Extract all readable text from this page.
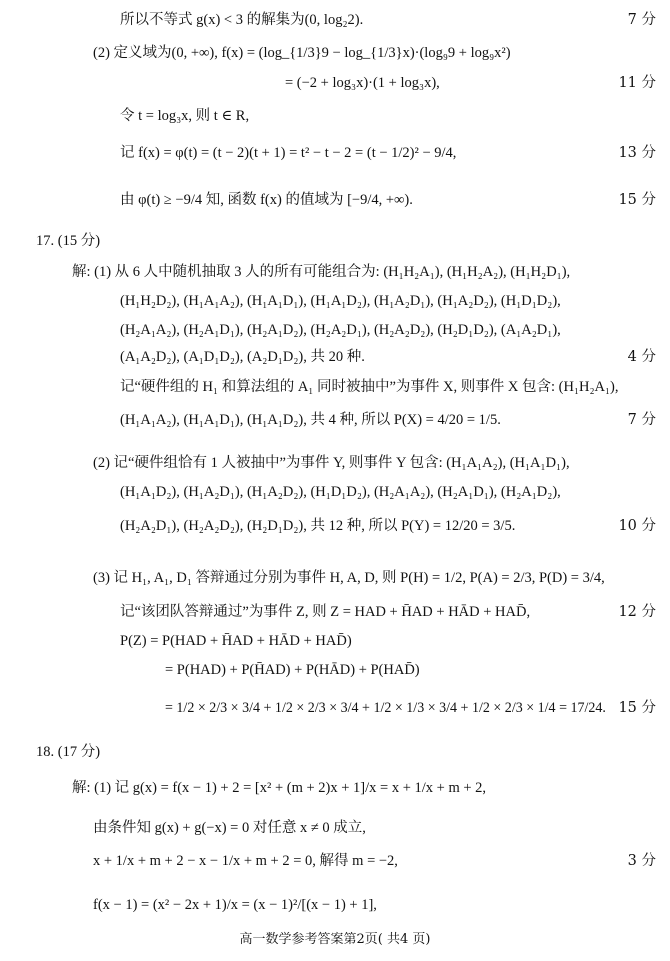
所以不等式 g(x) < 3 的解集为(0, log₂2).	7 分
(2) 定义域为(0, +∞), f(x) = (log_{1/3}9 − log_{1/3}x)·(log₉9 + log₉x²)
= (−2 + log₃x)·(1 + log₃x),	11 分
令 t = log₃x, 则 t ∈ R,
记 f(x) = φ(t) = (t − 2)(t + 1) = t² − t − 2 = (t − 1/2)² − 9/4,	13 分
由 φ(t) ≥ −9/4 知, 函数 f(x) 的值域为 [−9/4, +∞).	15 分
17. (15 分)
解: (1) 从 6 人中随机抽取 3 人的所有可能组合为: (H₁H₂A₁), (H₁H₂A₂), (H₁H₂D₁),
(H₁H₂D₂), (H₁A₁A₂), (H₁A₁D₁), (H₁A₁D₂), (H₁A₂D₁), (H₁A₂D₂), (H₁D₁D₂),
(H₂A₁A₂), (H₂A₁D₁), (H₂A₁D₂), (H₂A₂D₁), (H₂A₂D₂), (H₂D₁D₂), (A₁A₂D₁),
(A₁A₂D₂), (A₁D₁D₂), (A₂D₁D₂), 共 20 种.	4 分
记“硬件组的 H₁ 和算法组的 A₁ 同时被抽中”为事件 X, 则事件 X 包含: (H₁H₂A₁),
(H₁A₁A₂), (H₁A₁D₁), (H₁A₁D₂), 共 4 种, 所以 P(X) = 4/20 = 1/5.	7 分
(2) 记“硬件组恰有 1 人被抽中”为事件 Y, 则事件 Y 包含: (H₁A₁A₂), (H₁A₁D₁),
(H₁A₁D₂), (H₁A₂D₁), (H₁A₂D₂), (H₁D₁D₂), (H₂A₁A₂), (H₂A₁D₁), (H₂A₁D₂),
(H₂A₂D₁), (H₂A₂D₂), (H₂D₁D₂), 共 12 种, 所以 P(Y) = 12/20 = 3/5.	10 分
(3) 记 H₁, A₁, D₁ 答辩通过分别为事件 H, A, D, 则 P(H) = 1/2, P(A) = 2/3, P(D) = 3/4,
记“该团队答辩通过”为事件 Z, 则 Z = HAD + H̄AD + HĀD + HAD̄,	12 分
P(Z) = P(HAD + H̄AD + HĀD + HAD̄)
= P(HAD) + P(H̄AD) + P(HĀD) + P(HAD̄)
= 1/2 × 2/3 × 3/4 + 1/2 × 2/3 × 3/4 + 1/2 × 1/3 × 3/4 + 1/2 × 2/3 × 1/4 = 17/24. 15 分
18. (17 分)
解: (1) 记 g(x) = f(x − 1) + 2 = [x² + (m + 2)x + 1]/x = x + 1/x + m + 2,
由条件知 g(x) + g(−x) = 0 对任意 x ≠ 0 成立,
x + 1/x + m + 2 − x − 1/x + m + 2 = 0, 解得 m = −2,	3 分
f(x − 1) = (x² − 2x + 1)/x = (x − 1)²/[(x − 1) + 1],
高一数学参考答案第2页( 共4 页)
